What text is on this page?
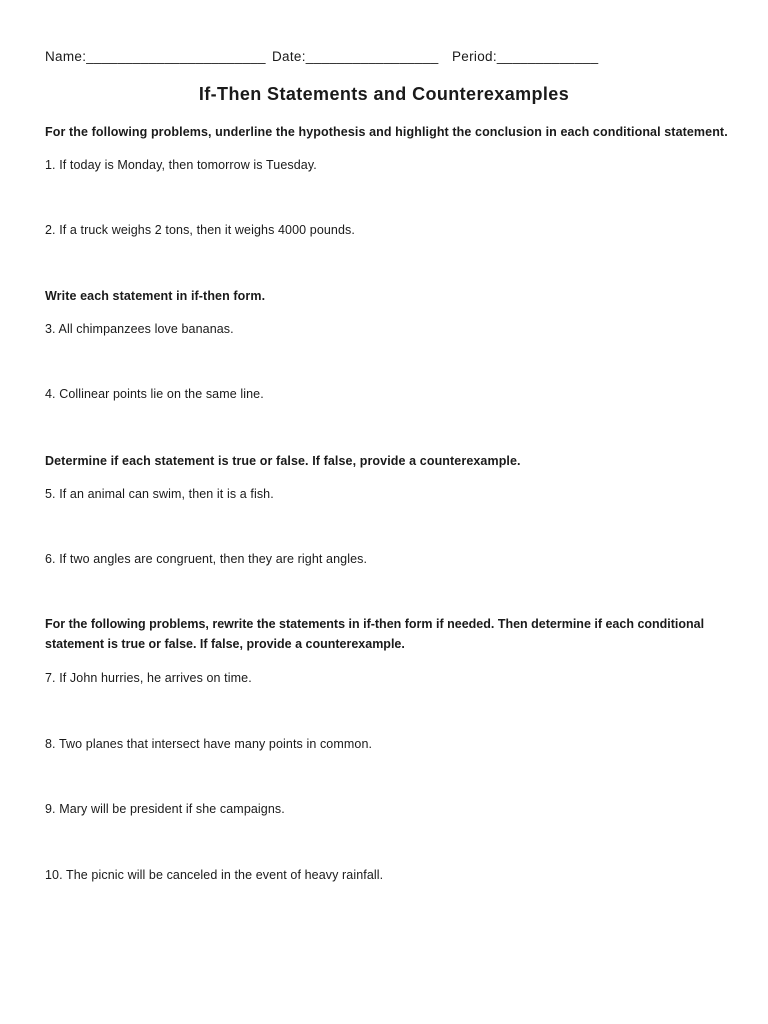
Name:_______________________ Date:_________________ Period:_____________
If-Then Statements and Counterexamples
For the following problems, underline the hypothesis and highlight the conclusion in each conditional statement.
1. If today is Monday, then tomorrow is Tuesday.
2. If a truck weighs 2 tons, then it weighs 4000 pounds.
Write each statement in if-then form.
3. All chimpanzees love bananas.
4. Collinear points lie on the same line.
Determine if each statement is true or false. If false, provide a counterexample.
5. If an animal can swim, then it is a fish.
6. If two angles are congruent, then they are right angles.
For the following problems, rewrite the statements in if-then form if needed. Then determine if each conditional statement is true or false. If false, provide a counterexample.
7. If John hurries, he arrives on time.
8. Two planes that intersect have many points in common.
9. Mary will be president if she campaigns.
10. The picnic will be canceled in the event of heavy rainfall.
